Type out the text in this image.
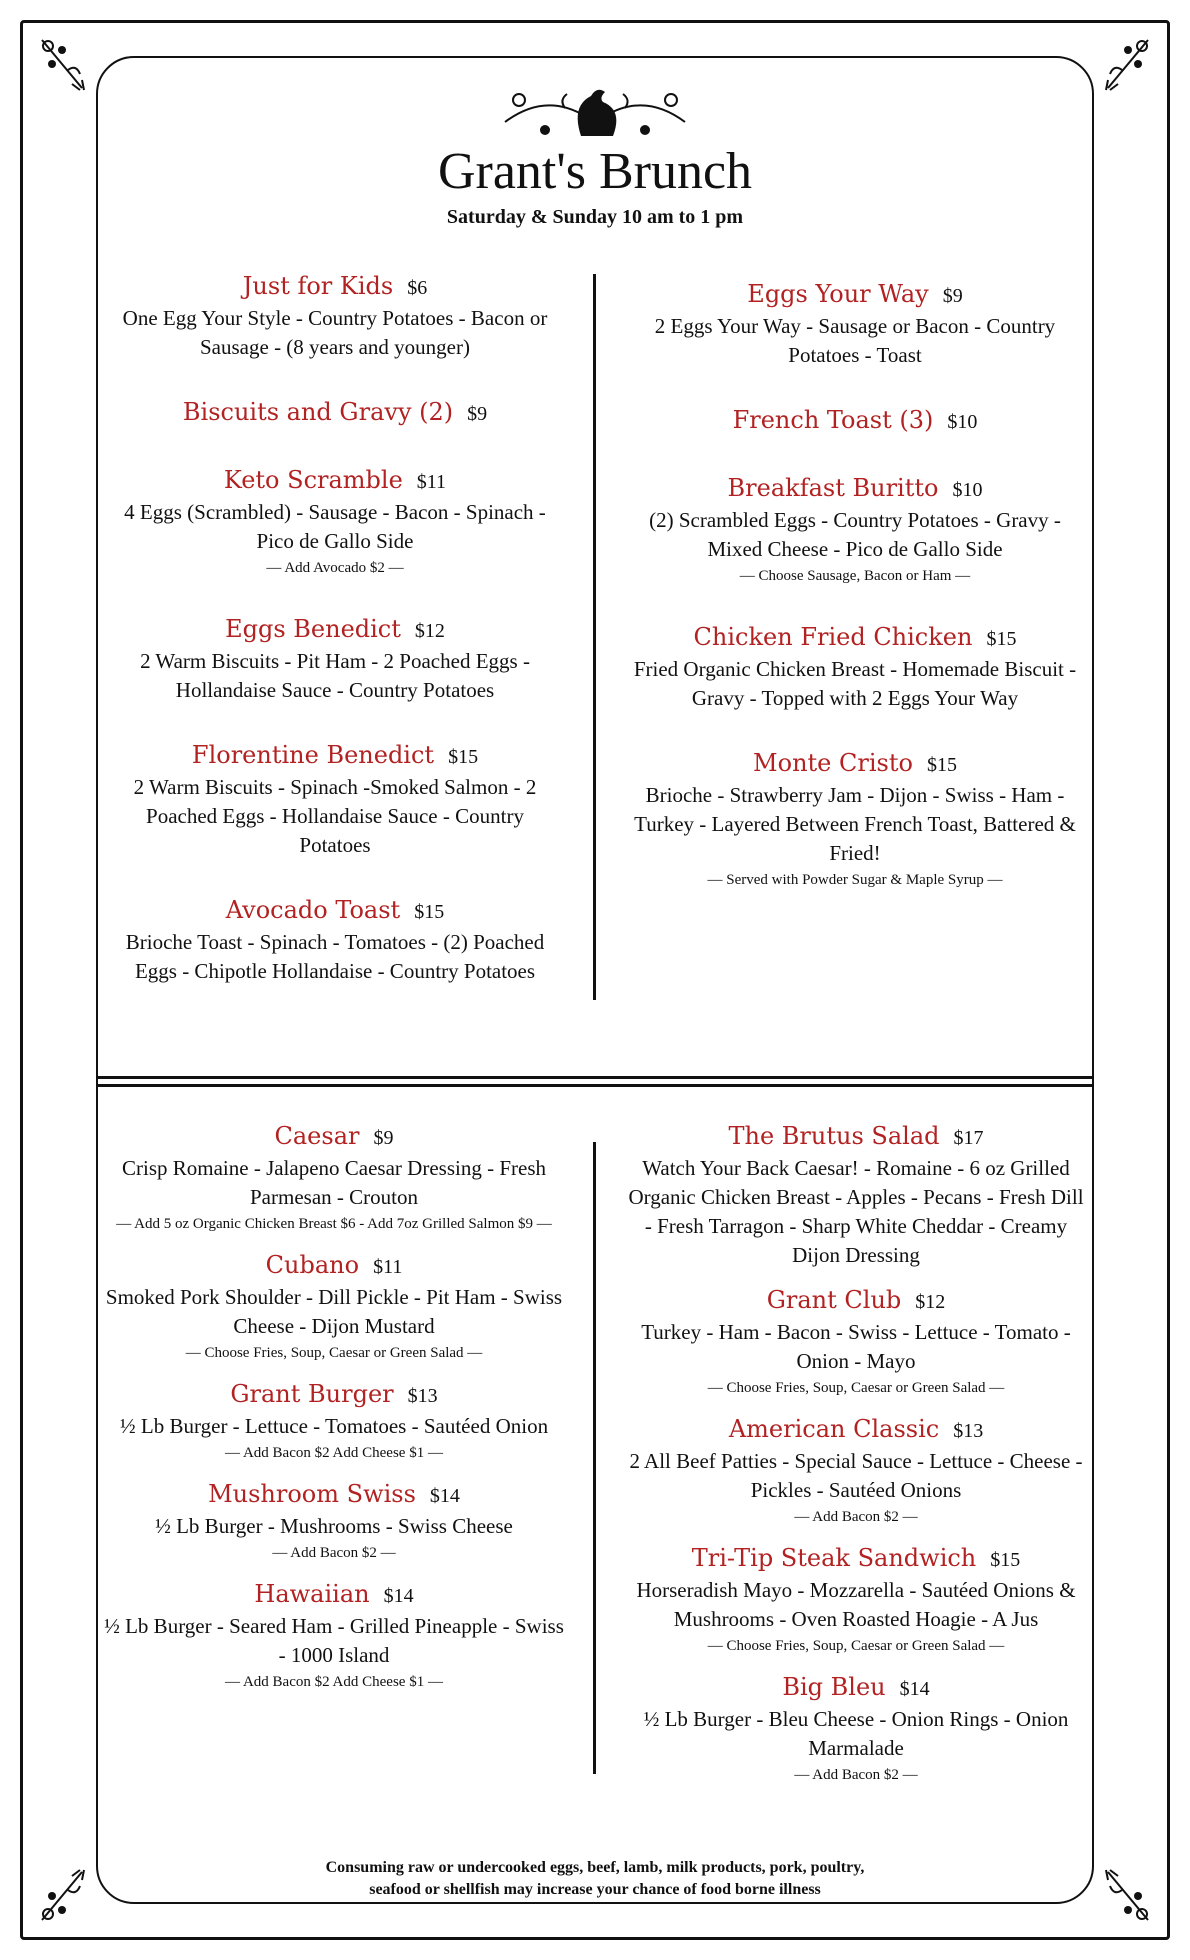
Grant's Brunch
Saturday & Sunday 10 am to 1 pm
Just for Kids $6
One Egg Your Style - Country Potatoes - Bacon or Sausage - (8 years and younger)
Biscuits and Gravy (2) $9
Keto Scramble $11
4 Eggs (Scrambled) - Sausage - Bacon - Spinach - Pico de Gallo Side
— Add Avocado $2 —
Eggs Benedict $12
2 Warm Biscuits - Pit Ham - 2 Poached Eggs - Hollandaise Sauce - Country Potatoes
Florentine Benedict $15
2 Warm Biscuits - Spinach -Smoked Salmon - 2 Poached Eggs - Hollandaise Sauce - Country Potatoes
Avocado Toast $15
Brioche Toast - Spinach - Tomatoes - (2) Poached Eggs - Chipotle Hollandaise - Country Potatoes
Eggs Your Way $9
2 Eggs Your Way - Sausage or Bacon - Country Potatoes - Toast
French Toast (3) $10
Breakfast Buritto $10
(2) Scrambled Eggs - Country Potatoes - Gravy - Mixed Cheese - Pico de Gallo Side
— Choose Sausage, Bacon or Ham —
Chicken Fried Chicken $15
Fried Organic Chicken Breast - Homemade Biscuit - Gravy - Topped with 2 Eggs Your Way
Monte Cristo $15
Brioche - Strawberry Jam - Dijon - Swiss - Ham - Turkey - Layered Between French Toast, Battered & Fried!
— Served with Powder Sugar & Maple Syrup —
Caesar $9
Crisp Romaine - Jalapeno Caesar Dressing - Fresh Parmesan - Crouton
— Add 5 oz Organic Chicken Breast $6 - Add 7oz Grilled Salmon $9 —
Cubano $11
Smoked Pork Shoulder - Dill Pickle - Pit Ham - Swiss Cheese - Dijon Mustard
— Choose Fries, Soup, Caesar or Green Salad —
Grant Burger $13
½ Lb Burger - Lettuce - Tomatoes - Sautéed Onion
— Add Bacon $2 Add Cheese $1 —
Mushroom Swiss $14
½ Lb Burger - Mushrooms - Swiss Cheese
— Add Bacon $2 —
Hawaiian $14
½ Lb Burger - Seared Ham - Grilled Pineapple - Swiss - 1000 Island
— Add Bacon $2 Add Cheese $1 —
The Brutus Salad $17
Watch Your Back Caesar! - Romaine - 6 oz Grilled Organic Chicken Breast - Apples - Pecans - Fresh Dill - Fresh Tarragon - Sharp White Cheddar - Creamy Dijon Dressing
Grant Club $12
Turkey - Ham - Bacon - Swiss - Lettuce - Tomato - Onion - Mayo
— Choose Fries, Soup, Caesar or Green Salad —
American Classic $13
2 All Beef Patties - Special Sauce - Lettuce - Cheese - Pickles - Sautéed Onions
— Add Bacon $2 —
Tri-Tip Steak Sandwich $15
Horseradish Mayo - Mozzarella - Sautéed Onions & Mushrooms - Oven Roasted Hoagie - A Jus
— Choose Fries, Soup, Caesar or Green Salad —
Big Bleu $14
½ Lb Burger - Bleu Cheese - Onion Rings - Onion Marmalade
— Add Bacon $2 —
Consuming raw or undercooked eggs, beef, lamb, milk products, pork, poultry, seafood or shellfish may increase your chance of food borne illness
